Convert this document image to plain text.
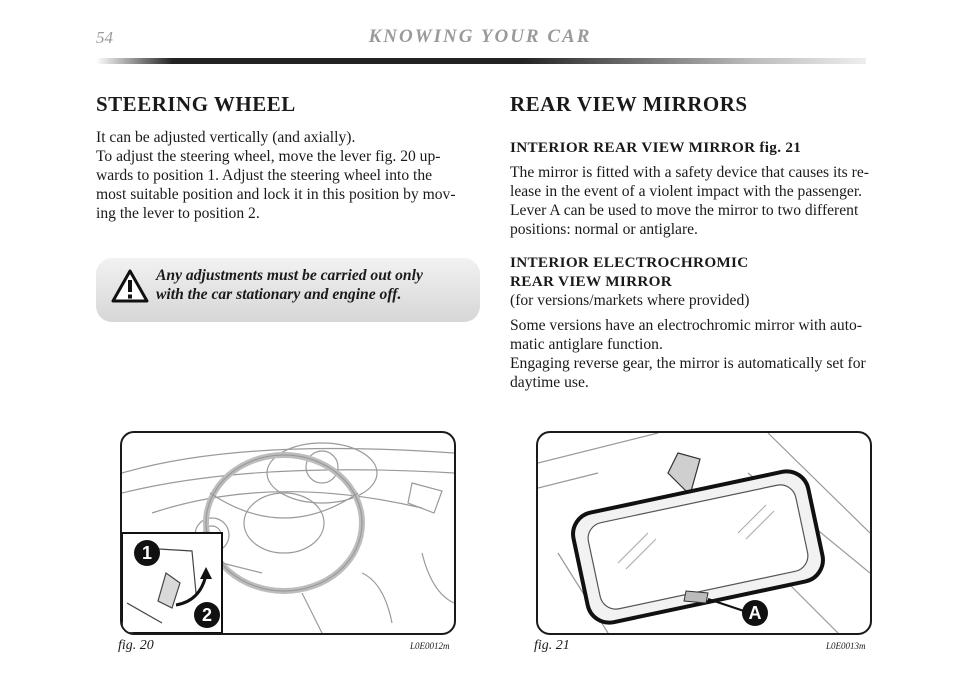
54	KNOWING YOUR CAR
STEERING WHEEL

It can be adjusted vertically (and axially).

To adjust the steering wheel, move the lever fig. 20 up-

wards to position 1. Adjust the steering wheel into the

most suitable position and lock it in this position by mov-

ing the lever to position 2.

Any adjustments must be carried out only
with the car stationary and engine off.
REAR VIEW MIRRORS

INTERIOR REAR VIEW MIRROR fig. 21

The mirror is fitted with a safety device that causes its re-

lease in the event of a violent impact with the passenger.

Lever A can be used to move the mirror to two different

positions: normal or antiglare.

INTERIOR ELECTROCHROMIC

REAR VIEW MIRROR

(for versions/markets where provided)

Some versions have an electrochromic mirror with auto-

matic antiglare function.

Engaging reverse gear, the mirror is automatically set for

daytime use.

1
2
fig. 20	L0E0012m
A
fig. 21	L0E0013m
